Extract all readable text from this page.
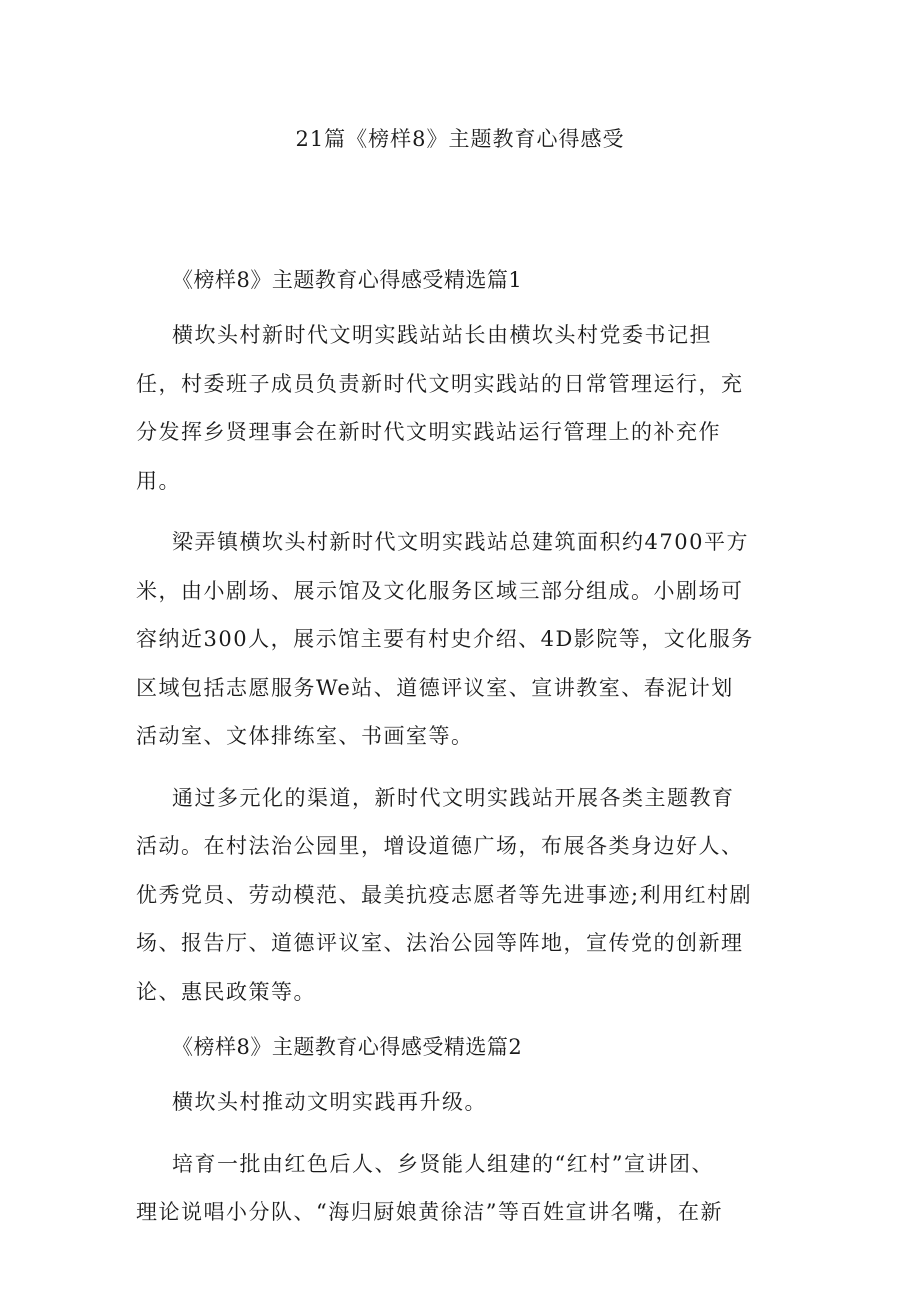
21篇《榜样8》主题教育心得感受
《榜样8》主题教育心得感受精选篇1

横坎头村新时代文明实践站站长由横坎头村党委书记担
任，村委班子成员负责新时代文明实践站的日常管理运行，充
分发挥乡贤理事会在新时代文明实践站运行管理上的补充作
用。

梁弄镇横坎头村新时代文明实践站总建筑面积约4700平方
米，由小剧场、展示馆及文化服务区域三部分组成。小剧场可
容纳近300人，展示馆主要有村史介绍、4D影院等，文化服务
区域包括志愿服务We站、道德评议室、宣讲教室、春泥计划
活动室、文体排练室、书画室等。

通过多元化的渠道，新时代文明实践站开展各类主题教育
活动。在村法治公园里，增设道德广场，布展各类身边好人、
优秀党员、劳动模范、最美抗疫志愿者等先进事迹;利用红村剧
场、报告厅、道德评议室、法治公园等阵地，宣传党的创新理
论、惠民政策等。

《榜样8》主题教育心得感受精选篇2

横坎头村推动文明实践再升级。

培育一批由红色后人、乡贤能人组建的“红村”宣讲团、
理论说唱小分队、“海归厨娘黄徐洁”等百姓宣讲名嘴，在新
